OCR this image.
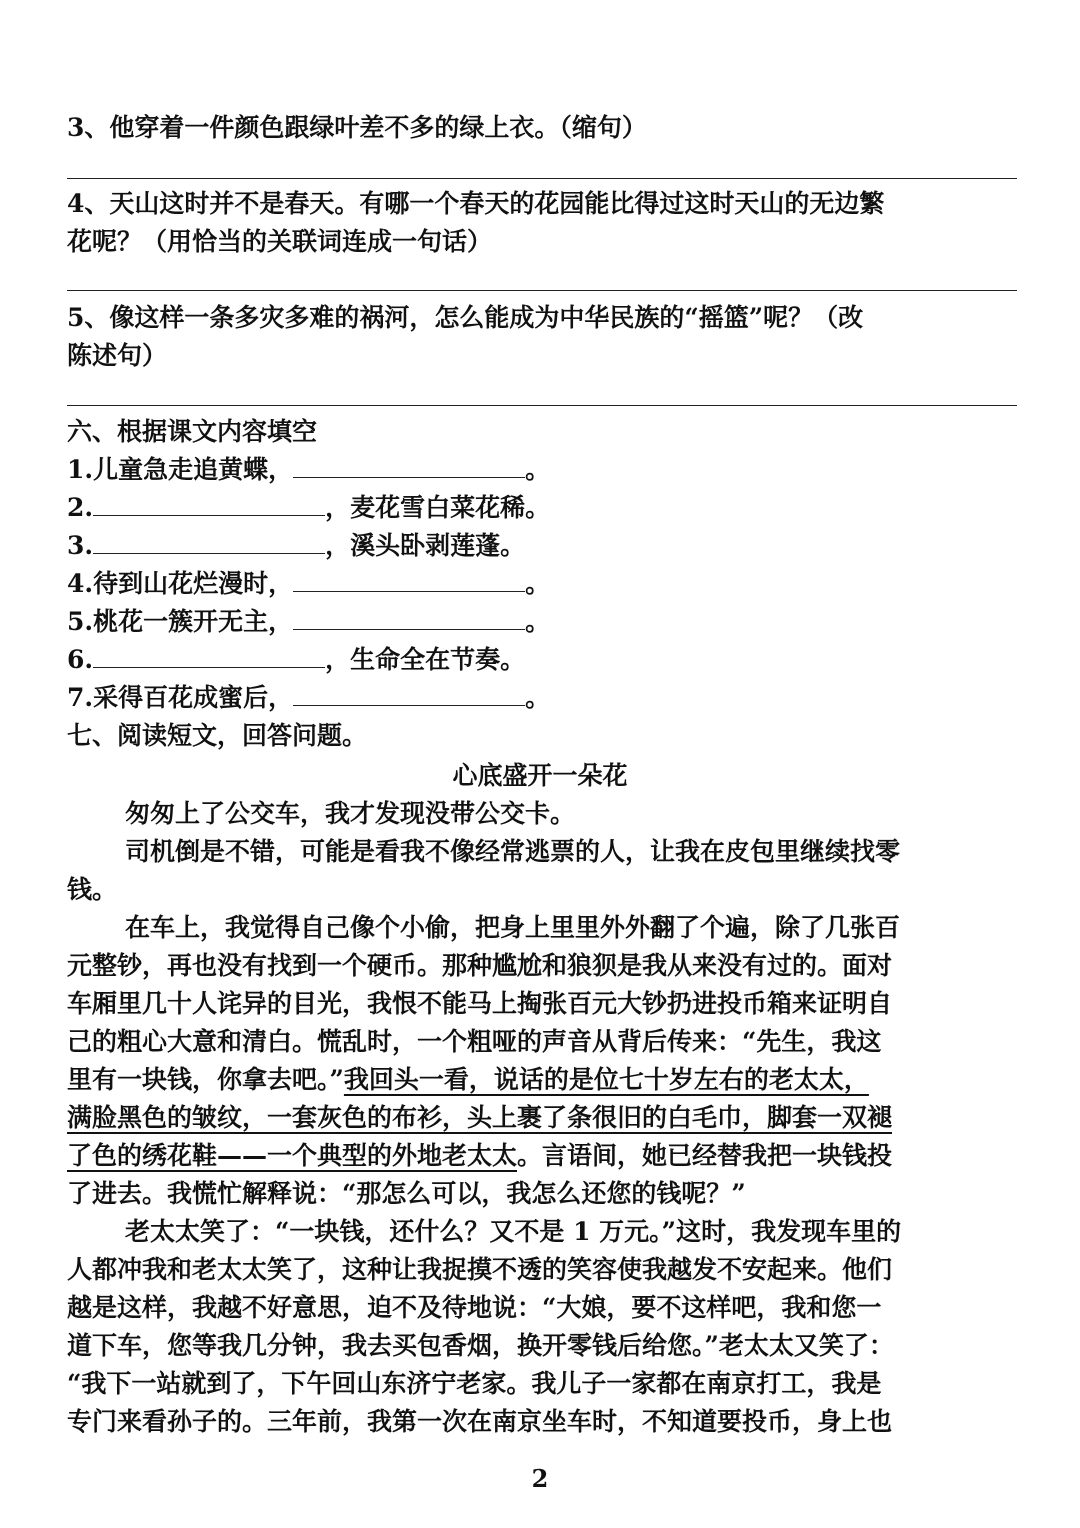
3、他穿着一件颜色跟绿叶差不多的绿上衣。（缩句）
4、天山这时并不是春天。有哪一个春天的花园能比得过这时天山的无边繁
花呢？（用恰当的关联词连成一句话）
5、像这样一条多灾多难的祸河，怎么能成为中华民族的“摇篮”呢？（改
陈述句）
六、根据课文内容填空
1.儿童急走追黄蝶，	。
2.	，麦花雪白菜花稀。
3.	，溪头卧剥莲蓬。
4.待到山花烂漫时，	。
5.桃花一簇开无主，	。
6.	，生命全在节奏。
7.采得百花成蜜后，	。
七、阅读短文，回答问题。
心底盛开一朵花
匆匆上了公交车，我才发现没带公交卡。
司机倒是不错，可能是看我不像经常逃票的人，让我在皮包里继续找零
钱。
在车上，我觉得自己像个小偷，把身上里里外外翻了个遍，除了几张百
元整钞，再也没有找到一个硬币。那种尴尬和狼狈是我从来没有过的。面对
车厢里几十人诧异的目光，我恨不能马上掏张百元大钞扔进投币箱来证明自
己的粗心大意和清白。慌乱时，一个粗哑的声音从背后传来：“先生，我这
里有一块钱，你拿去吧。”我回头一看，说话的是位七十岁左右的老太太，
满脸黑色的皱纹，一套灰色的布衫，头上裹了条很旧的白毛巾，脚套一双褪
了色的绣花鞋——一个典型的外地老太太。言语间，她已经替我把一块钱投
了进去。我慌忙解释说：“那怎么可以，我怎么还您的钱呢？”
老太太笑了：“一块钱，还什么？又不是 1 万元。”这时，我发现车里的
人都冲我和老太太笑了，这种让我捉摸不透的笑容使我越发不安起来。他们
越是这样，我越不好意思，迫不及待地说：“大娘，要不这样吧，我和您一
道下车，您等我几分钟，我去买包香烟，换开零钱后给您。”老太太又笑了：
“我下一站就到了，下午回山东济宁老家。我儿子一家都在南京打工，我是
专门来看孙子的。三年前，我第一次在南京坐车时，不知道要投币，身上也
2
